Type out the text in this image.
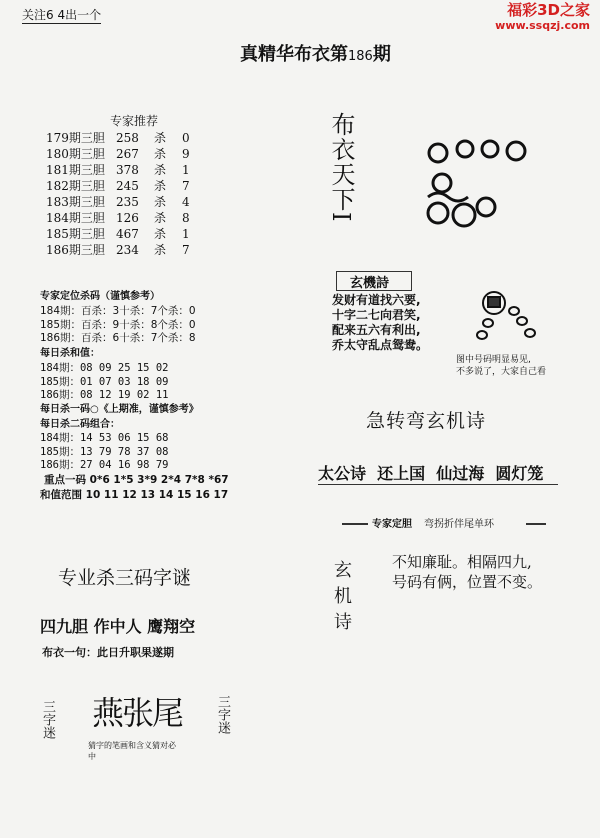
关注6 4出一个	福彩3D之家
www.ssqzj.com
真精华布衣第186期
专家推荐
179期三胆 258 杀 0
180期三胆 267 杀 9
181期三胆 378 杀 1
182期三胆 245 杀 7
183期三胆 235 杀 4
184期三胆 126 杀 8
185期三胆 467 杀 1
186期三胆 234 杀 7
专家定位杀码（谨慎参考）
184期：百杀：3十杀：7个杀：0
185期：百杀：9十杀：8个杀：0
186期：百杀：6十杀：7个杀：8
每日杀和值：
184期：08 09 25 15 02
185期：01 07 03 18 09
186期：08 12 19 02 11
每日杀一码○《上期准，谨慎参考》
每日杀二码组合：
184期：14 53 06 15 68
185期：13 79 78 37 08
186期：27 04 16 98 79
重点一码 0*6 1*5 3*9 2*4 7*8 *67
和值范围 10 11 12 13 14 15 16 17
专业杀三码字谜
四九胆 作中人 鹰翔空
布衣一句：此日升职果遂期
三字迷 燕张尾	三字迷
猜字的笔画和含义猜对必中
布衣天下I
玄機詩
发财有道找六要,
十字二七向君笑,
配来五六有利出,
乔太守乱点鸳鸯。
图中号码明显易见,
不多说了，大家自己看
急转弯玄机诗
太公诗  还上国  仙过海  圆灯笼
专家定胆 弯拐折伴尾单环
玄机诗	不知廉耻。相隔四九,
号码有俩，位置不变。
